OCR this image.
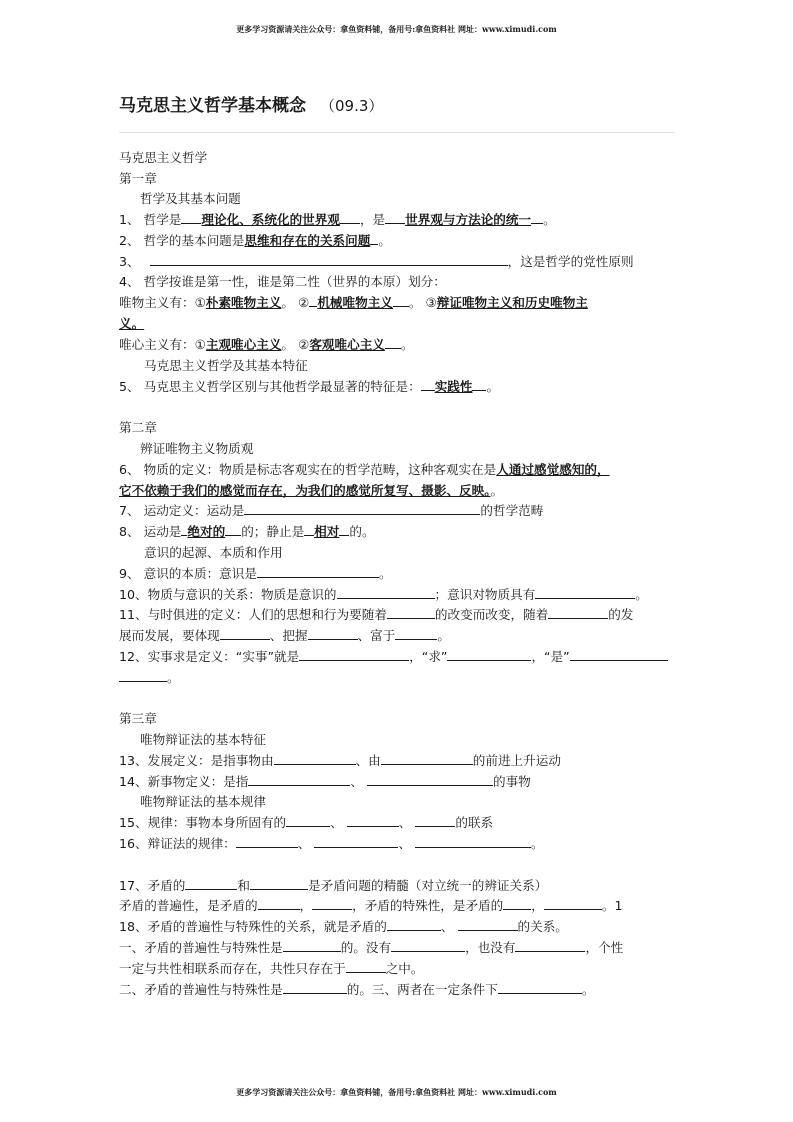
更多学习资源请关注公众号：拿鱼资料铺，备用号:拿鱼资料社 网址：www.ximudi.com
马克思主义哲学基本概念 （09.3）
马克思主义哲学
第一章
哲学及其基本问题
1、 哲学是 理论化、系统化的世界观 ，是 世界观与方法论的统一 。
2、 哲学的基本问题是思维和存在的关系问题 。
3、	，这是哲学的党性原则
4、 哲学按谁是第一性，谁是第二性（世界的本原）划分：
唯物主义有：①朴素唯物主义。 ② 机械唯物主义 。 ③辩证唯物主义和历史唯物主
义。
唯心主义有：①主观唯心主义。 ②客观唯心主义 。
马克思主义哲学及其基本特征
5、 马克思主义哲学区别与其他哲学最显著的特征是： 实践性 。
第二章
辨证唯物主义物质观
6、 物质的定义：物质是标志客观实在的哲学范畴，这种客观实在是人通过感觉感知的，
它不依赖于我们的感觉而存在，为我们的感觉所复写、摄影、反映。。
7、 运动定义：运动是	的哲学范畴
8、 运动是 绝对的 的；静止是 相对 的。
意识的起源、本质和作用
9、 意识的本质：意识是	。
10、物质与意识的关系：物质是意识的	；意识对物质具有	。
11、与时俱进的定义：人们的思想和行为要随着	的改变而改变，随着	的发
展而发展，要体现	、把握	、富于	。
12、实事求是定义：“实事”就是	，“求”	，“是”
。
第三章
唯物辩证法的基本特征
13、发展定义：是指事物由	、由	的前进上升运动
14、新事物定义：是指	、	的事物
唯物辩证法的基本规律
15、规律：事物本身所固有的	、	、	的联系
16、辩证法的规律：	、	、	。
17、矛盾的	和	是矛盾问题的精髓（对立统一的辨证关系）
矛盾的普遍性，是矛盾的	，	，矛盾的特殊性，是矛盾的 ，	。1
18、矛盾的普遍性与特殊性的关系，就是矛盾的	、	的关系。
一、矛盾的普遍性与特殊性是	的。没有	，也没有	，个性
一定与共性相联系而存在，共性只存在于	之中。
二、矛盾的普遍性与特殊性是	的。三、两者在一定条件下	。
更多学习资源请关注公众号：拿鱼资料铺，备用号:拿鱼资料社 网址：www.ximudi.com
